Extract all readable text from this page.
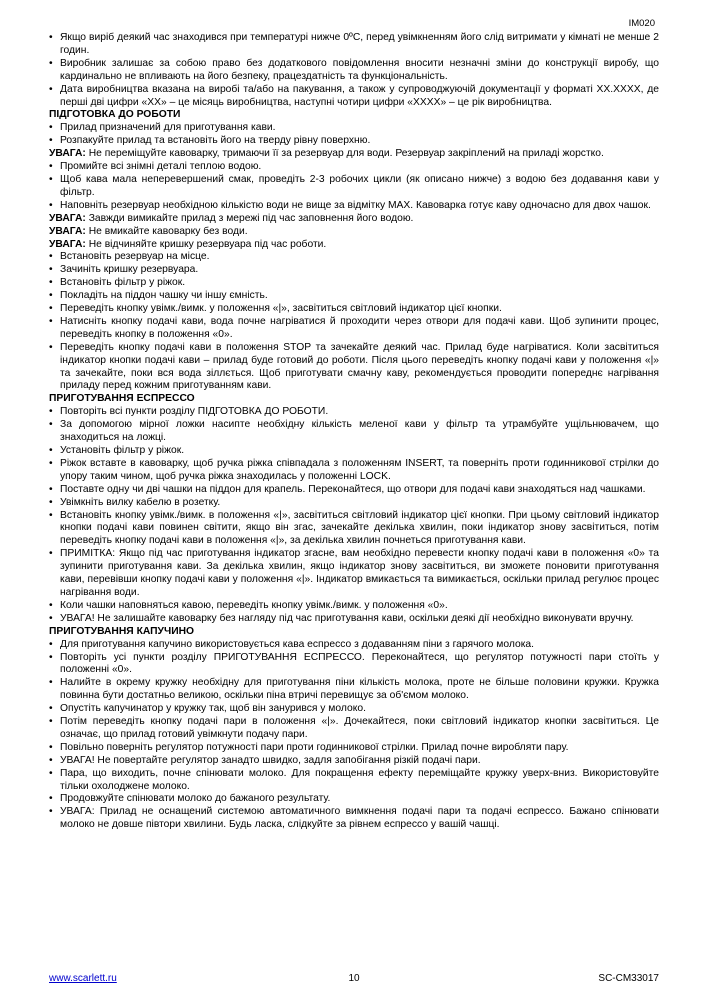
IM020
• Якщо виріб деякий час знаходився при температурі нижче 0ºC, перед увімкненням його слід витримати у кімнаті не менше 2 годин.
• Виробник залишає за собою право без додаткового повідомлення вносити незначні зміни до конструкції виробу, що кардинально не впливають на його безпеку, працездатність та функціональність.
• Дата виробництва вказана на виробі та/або на пакування, а також у супроводжуючій документації у форматі XX.XXXX, де перші дві цифри «XX» – це місяць виробництва, наступні чотири цифри «XXXX» – це рік виробництва.
ПІДГОТОВКА ДО РОБОТИ
• Прилад призначений для приготування кави.
• Розпакуйте прилад та встановіть його на тверду рівну поверхню.
УВАГА: Не переміщуйте кавоварку, тримаючи її за резервуар для води. Резервуар закріплений на приладі жорстко.
• Промийте всі знімні деталі теплою водою.
• Щоб кава мала неперевершений смак, проведіть 2-3 робочих цикли (як описано нижче) з водою без додавання кави у фільтр.
• Наповніть резервуар необхідною кількістю води не вище за відмітку MAX. Кавоварка готує каву одночасно для двох чашок.
УВАГА: Завжди вимикайте прилад з мережі під час заповнення його водою.
УВАГА: Не вмикайте кавоварку без води.
УВАГА: Не відчиняйте кришку резервуара під час роботи.
• Встановіть резервуар на місце.
• Зачиніть кришку резервуара.
• Встановіть фільтр у ріжок.
• Покладіть на піддон чашку чи іншу ємність.
• Переведіть кнопку увімк./вимк. у положення «|», засвітиться світловий індикатор цієї кнопки.
• Натисніть кнопку подачі кави, вода почне нагріватися й проходити через отвори для подачі кави. Щоб зупинити процес, переведіть кнопку в положення «0».
• Переведіть кнопку подачі кави в положення STOP та зачекайте деякий час. Прилад буде нагріватися. Коли засвітиться індикатор кнопки подачі кави – прилад буде готовий до роботи. Після цього переведіть кнопку подачі кави у положення «|» та зачекайте, поки вся вода зіллється. Щоб приготувати смачну каву, рекомендується проводити попереднє нагрівання приладу перед кожним приготуванням кави.
ПРИГОТУВАННЯ ЕСПРЕССО
• Повторіть всі пункти розділу ПІДГОТОВКА ДО РОБОТИ.
• За допомогою мірної ложки насипте необхідну кількість меленої кави у фільтр та утрамбуйте ущільнювачем, що знаходиться на ложці.
• Установіть фільтр у ріжок.
• Ріжок вставте в кавоварку, щоб ручка ріжка співпадала з положенням INSERT, та поверніть проти годинникової стрілки до упору таким чином, щоб ручка ріжка знаходилась у положенні LOCK.
• Поставте одну чи дві чашки на піддон для крапель. Переконайтеся, що отвори для подачі кави знаходяться над чашками.
• Увімкніть вилку кабелю в розетку.
• Встановіть кнопку увімк./вимк. в положення «|», засвітиться світловий індикатор цієї кнопки. При цьому світловий індикатор кнопки подачі кави повинен світити, якщо він згас, зачекайте декілька хвилин, поки індикатор знову засвітиться, потім переведіть кнопку подачі кави в положення «|», за декілька хвилин почнеться приготування кави.
• ПРИМІТКА: Якщо під час приготування індикатор згасне, вам необхідно перевести кнопку подачі кави в положення «0» та зупинити приготування кави. За декілька хвилин, якщо індикатор знову засвітиться, ви зможете поновити приготування кави, перевівши кнопку подачі кави у положення «|». Індикатор вмикається та вимикається, оскільки прилад регулює процес нагрівання води.
• Коли чашки наповняться кавою, переведіть кнопку увімк./вимк. у положення «0».
• УВАГА! Не залишайте кавоварку без нагляду під час приготування кави, оскільки деякі дії необхідно виконувати вручну.
ПРИГОТУВАННЯ КАПУЧИНО
• Для приготування капучино використовується кава еспрессо з додаванням піни з гарячого молока.
• Повторіть усі пункти розділу ПРИГОТУВАННЯ ЕСПРЕССО. Переконайтеся, що регулятор потужності пари стоїть у положенні «0».
• Налийте в окрему кружку необхідну для приготування піни кількість молока, проте не більше половини кружки. Кружка повинна бути достатньо великою, оскільки піна втричі перевищує за об'ємом молоко.
• Опустіть капучинатор у кружку так, щоб він занурився у молоко.
• Потім переведіть кнопку подачі пари в положення «|». Дочекайтеся, поки світловий індикатор кнопки засвітиться. Це означає, що прилад готовий увімкнути подачу пари.
• Повільно поверніть регулятор потужності пари проти годинникової стрілки. Прилад почне виробляти пару.
• УВАГА! Не повертайте регулятор занадто швидко, задля запобігання різкій подачі пари.
• Пара, що виходить, почне спінювати молоко. Для покращення ефекту переміщайте кружку уверх-вниз. Використовуйте тільки охолоджене молоко.
• Продовжуйте спінювати молоко до бажаного результату.
• УВАГА: Прилад не оснащений системою автоматичного вимкнення подачі пари та подачі еспрессо. Бажано спінювати молоко не довше півтори хвилини. Будь ласка, слідкуйте за рівнем еспрессо у вашій чашці.
www.scarlett.ru	10	SC-CM33017
